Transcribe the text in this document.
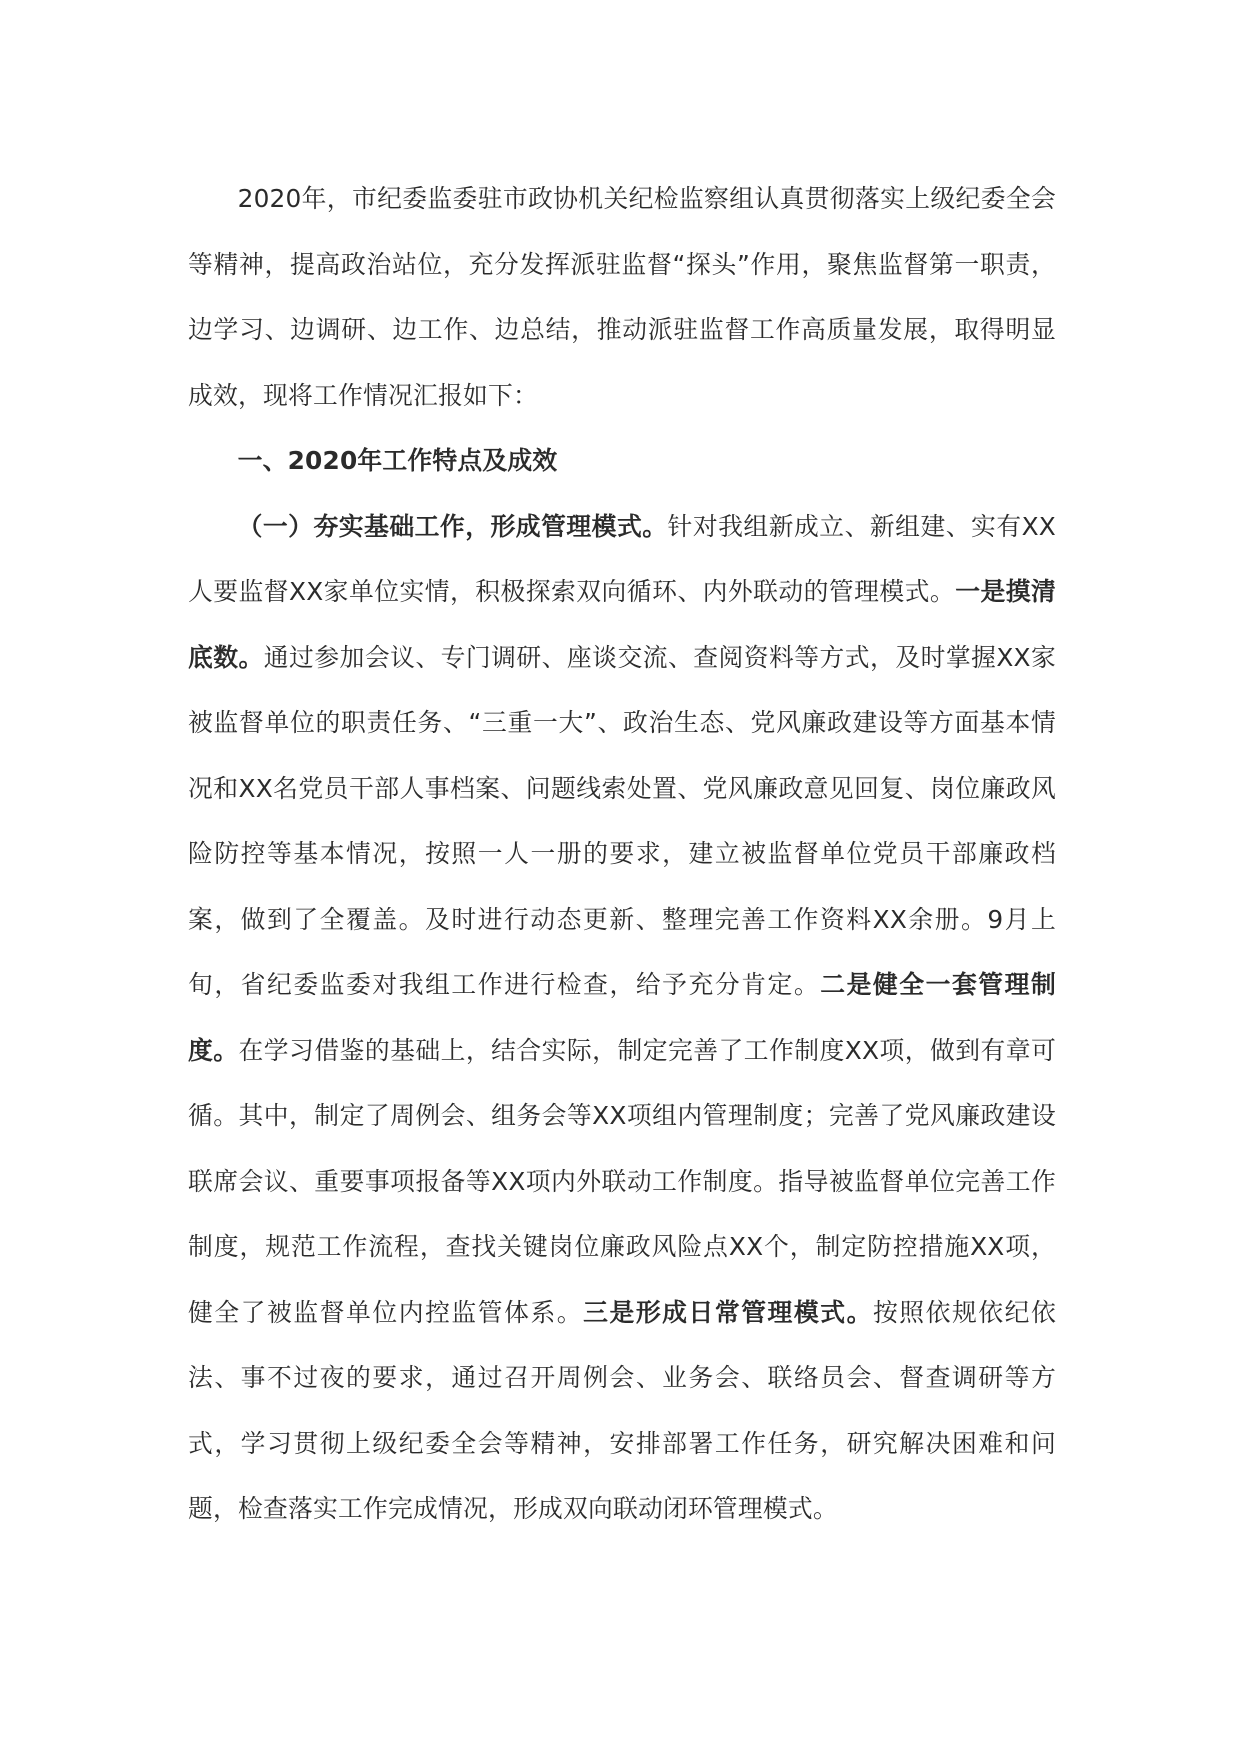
2020年，市纪委监委驻市政协机关纪检监察组认真贯彻落实上级纪委全会等精神，提高政治站位，充分发挥派驻监督“探头”作用，聚焦监督第一职责，边学习、边调研、边工作、边总结，推动派驻监督工作高质量发展，取得明显成效，现将工作情况汇报如下：

一、2020年工作特点及成效

（一）夯实基础工作，形成管理模式。针对我组新成立、新组建、实有XX人要监督XX家单位实情，积极探索双向循环、内外联动的管理模式。一是摸清底数。通过参加会议、专门调研、座谈交流、查阅资料等方式，及时掌握XX家被监督单位的职责任务、“三重一大”、政治生态、党风廉政建设等方面基本情况和XX名党员干部人事档案、问题线索处置、党风廉政意见回复、岗位廉政风险防控等基本情况，按照一人一册的要求，建立被监督单位党员干部廉政档案，做到了全覆盖。及时进行动态更新、整理完善工作资料XX余册。9月上旬，省纪委监委对我组工作进行检查，给予充分肯定。二是健全一套管理制度。在学习借鉴的基础上，结合实际，制定完善了工作制度XX项，做到有章可循。其中，制定了周例会、组务会等XX项组内管理制度；完善了党风廉政建设联席会议、重要事项报备等XX项内外联动工作制度。指导被监督单位完善工作制度，规范工作流程，查找关键岗位廉政风险点XX个，制定防控措施XX项，健全了被监督单位内控监管体系。三是形成日常管理模式。按照依规依纪依法、事不过夜的要求，通过召开周例会、业务会、联络员会、督查调研等方式，学习贯彻上级纪委全会等精神，安排部署工作任务，研究解决困难和问题，检查落实工作完成情况，形成双向联动闭环管理模式。
